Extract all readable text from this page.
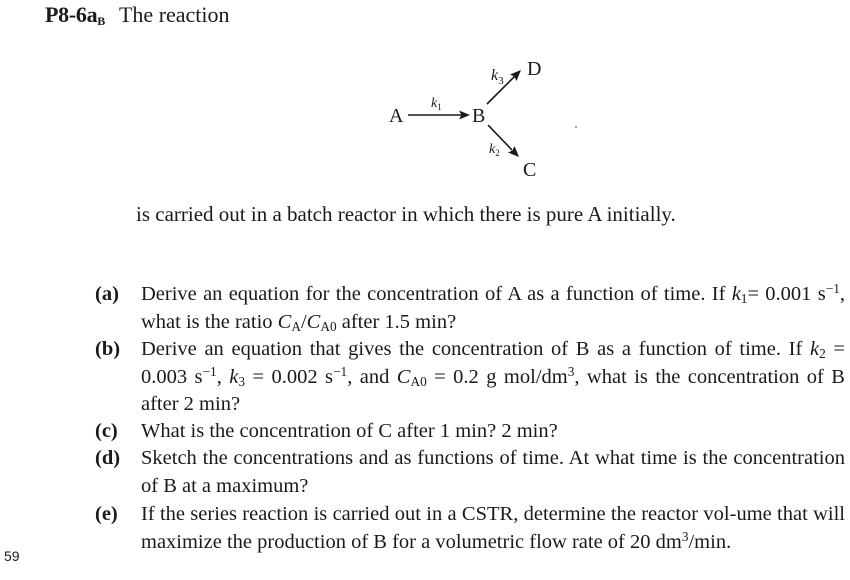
$P8-6a_B$ The reaction
A	B
C
D
$k_1$
$k_3$
$k_2$
is carried out in a batch reactor in which there is pure A initially.
(a) Derive an equation for the concentration of A as a function of time. If $k_1= 0.001$ $s^{-1}$, what is the ratio $C_A/C_{A0}$ after 1.5 min?
(b) Derive an equation that gives the concentration of B as a function of time. If $k_2 = 0.003$ $s^{-1}$, $k_3 = 0.002$ $s^{-1}$, and $C_{A0} = 0.2$ g mol/$dm^3$, what is the concentration of B after 2 min?
(c) What is the concentration of C after 1 min? 2 min?
(d) Sketch the concentrations and as functions of time. At what time is the concentration of B at a maximum?
(e) If the series reaction is carried out in a CSTR, determine the reactor vol-ume that will maximize the production of B for a volumetric flow rate of 20 $dm^3/\min$.
59
